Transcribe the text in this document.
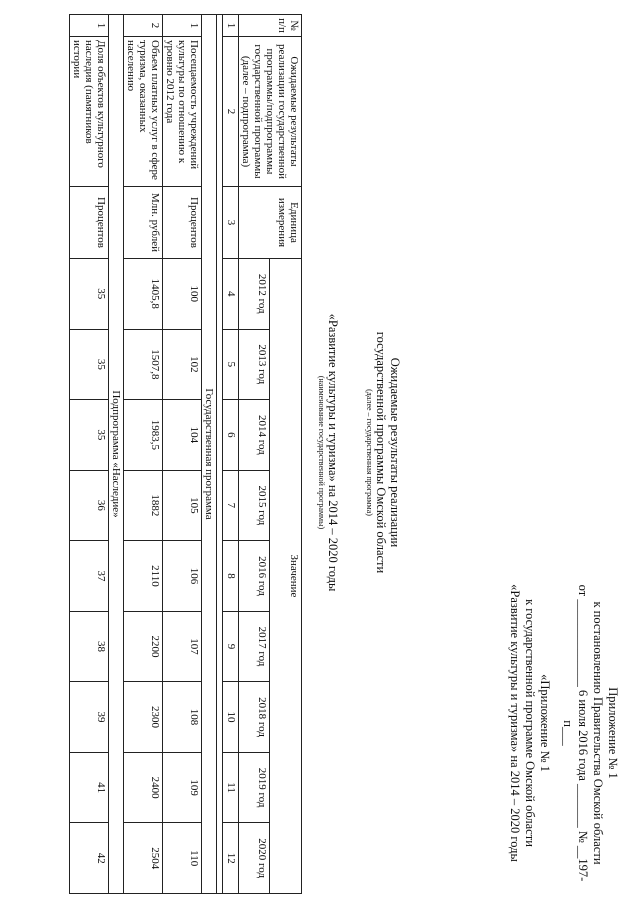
Приложение № 1
к постановлению Правительства Омской области
от ______________ 6 июля 2016 года _______ № __197-п___
«Приложение № 1
к государственной программе Омской области
«Развитие культуры и туризма» на 2014 – 2020 годы
Ожидаемые результаты реализации
государственной программы Омской области
(далее – государственная программа)
«Развитие культуры и туризма» на 2014 – 2020 годы
(наименование государственной программы)
№ п/п	Ожидаемые результаты реализации государственной программы/подпрограммы государственной программы (далее – подпрограмма)	Единица измерения	Значение								
			2012 год	2013 год	2014 год	2015 год	2016 год	2017 год	2018 год	2019 год	2020 год
1	2	3	4	5	6	7	8	9	10	11	12

Государственная программа											
1	Посещаемость учреждений культуры по отношению к уровню 2012 года	Процентов	100	102	104	105	106	107	108	109	110
2	Объем платных услуг в сфере туризма, оказанных населению	Млн. рублей	1405,8	1507,8	1983,5	1882	2110	2200	2300	2400	2504
Подпрограмма «Наследие»											
1	Доля объектов культурного наследия (памятников истории	Процентов	35	35	35	36	37	38	39	41	42
